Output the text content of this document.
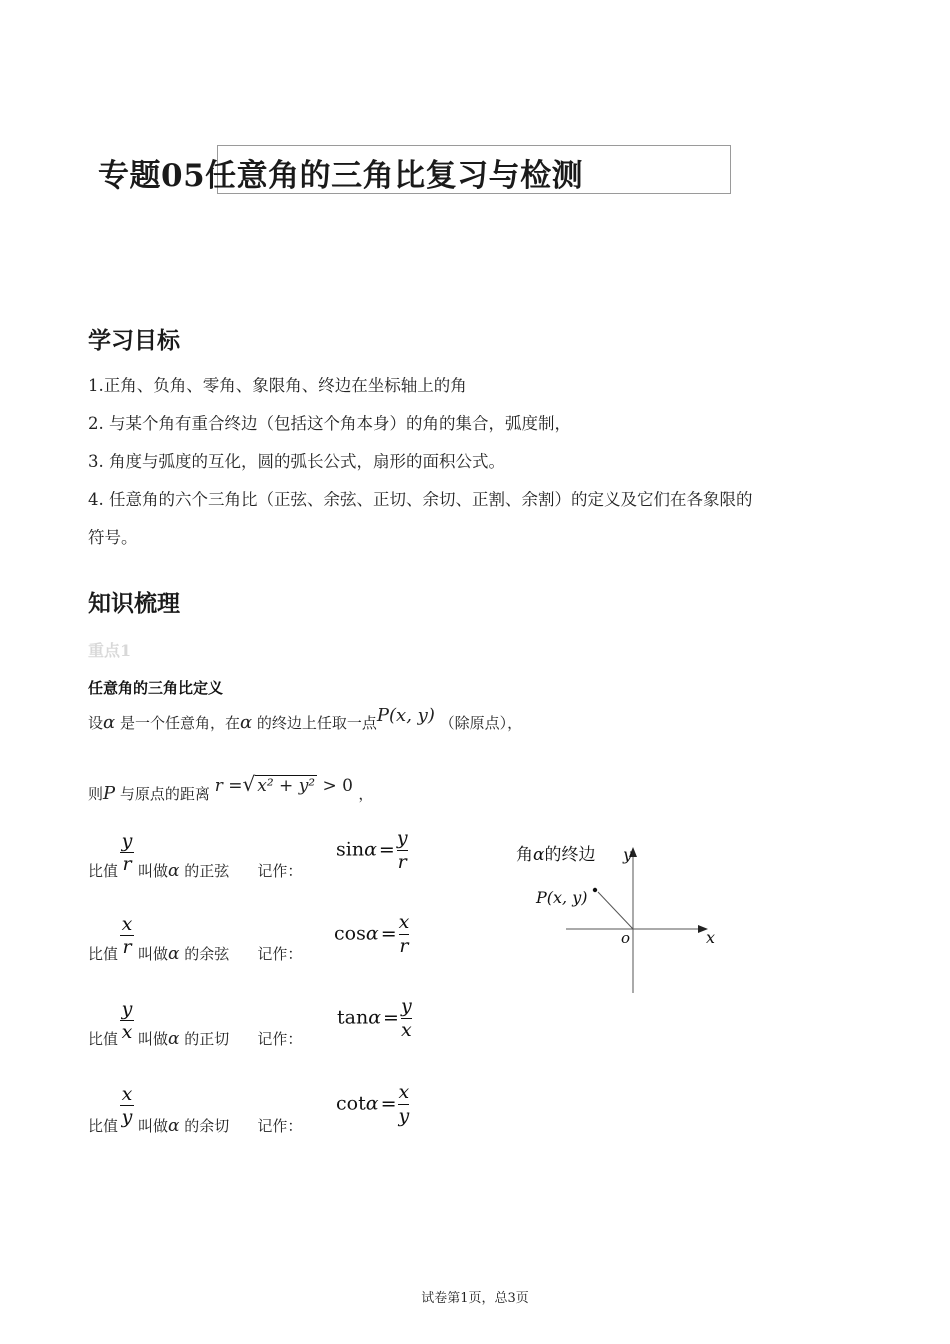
专题05任意角的三角比复习与检测
学习目标
1.正角、负角、零角、象限角、终边在坐标轴上的角
2. 与某个角有重合终边（包括这个角本身）的角的集合，弧度制，
3. 角度与弧度的互化，圆的弧长公式，扇形的面积公式。
4. 任意角的六个三角比（正弦、余弦、正切、余切、正割、余割）的定义及它们在各象限的
符号。
知识梳理
重点1
任意角的三角比定义
设α 是一个任意角，在α 的终边上任取一点P(x, y) （除原点），
则P 与原点的距离 r =√ x² + y² > 0 ，
y
r
比值 叫做α 的正弦 记作：
$\sin\alpha = \frac{y}{r}$
x
r
比值 叫做α 的余弦 记作：
$\cos\alpha = \frac{x}{r}$
y
x
比值 叫做α 的正切 记作：
$\tan\alpha = \frac{y}{x}$
x
y
比值 叫做α 的余切 记作：
$\cot\alpha = \frac{x}{y}$
角α的终边 y
x
o
P(x, y)
试卷第1页，总3页
